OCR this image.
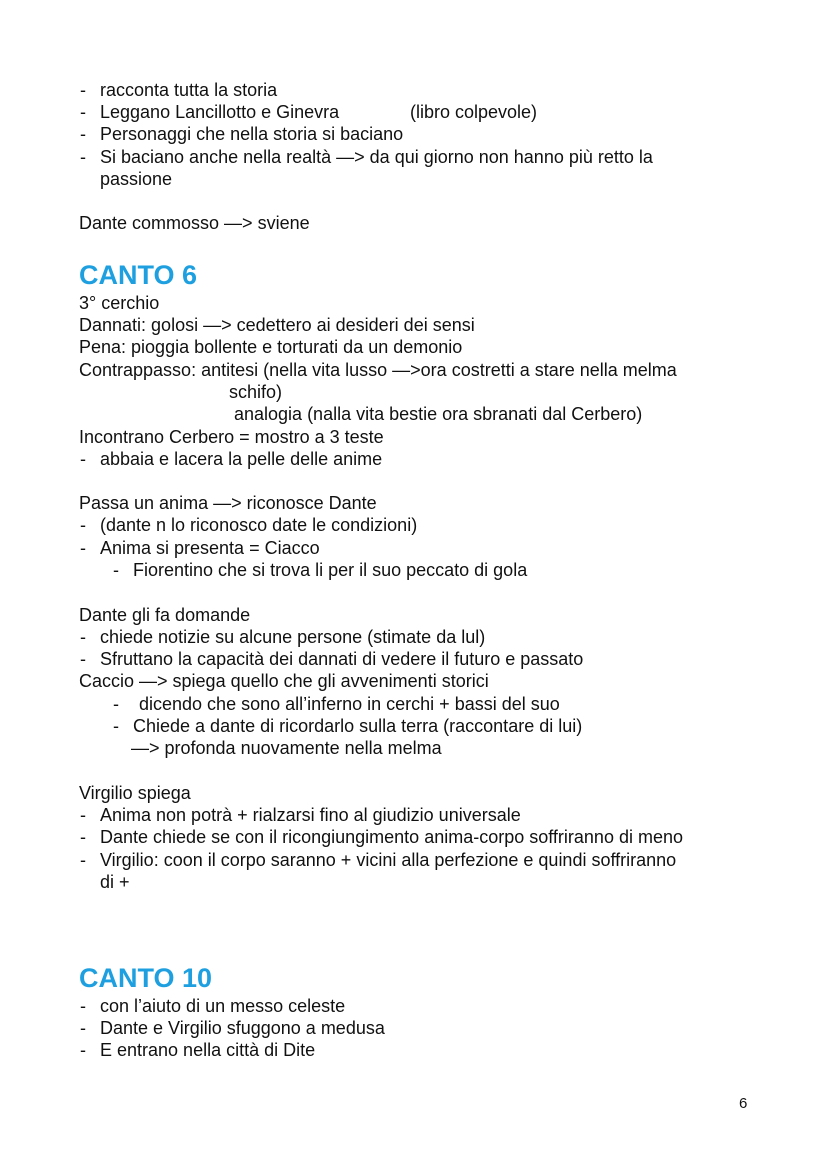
- racconta tutta la storia
- Leggano Lancillotto e Ginevra	(libro colpevole)
- Personaggi che nella storia si baciano
- Si baciano anche nella realtà —> da qui giorno non hanno più retto la
passione
Dante commosso —> sviene
CANTO 6
3° cerchio
Dannati: golosi —> cedettero ai desideri dei sensi
Pena: pioggia bollente e torturati da un demonio
Contrappasso: antitesi (nella vita lusso —>ora costretti a stare nella melma
schifo)
analogia (nalla vita bestie ora sbranati dal Cerbero)
Incontrano Cerbero = mostro a 3 teste
- abbaia e lacera la pelle delle anime
Passa un anima —> riconosce Dante
- (dante n lo riconosco date le condizioni)
- Anima si presenta = Ciacco
- Fiorentino che si trova li per il suo peccato di gola
Dante gli fa domande
- chiede notizie su alcune persone (stimate da lul)
- Sfruttano la capacità dei dannati di vedere il futuro e passato
Caccio —> spiega quello che gli avvenimenti storici
- dicendo che sono all’inferno in cerchi + bassi del suo
- Chiede a dante di ricordarlo sulla terra (raccontare di lui)
—> profonda nuovamente nella melma
Virgilio spiega
- Anima non potrà + rialzarsi fino al giudizio universale
- Dante chiede se con il ricongiungimento anima-corpo soffriranno di meno
- Virgilio: coon il corpo saranno + vicini alla perfezione e quindi soffriranno
di +
CANTO 10
- con l’aiuto di un messo celeste
- Dante e Virgilio sfuggono a medusa
- E entrano nella città di Dite
6
